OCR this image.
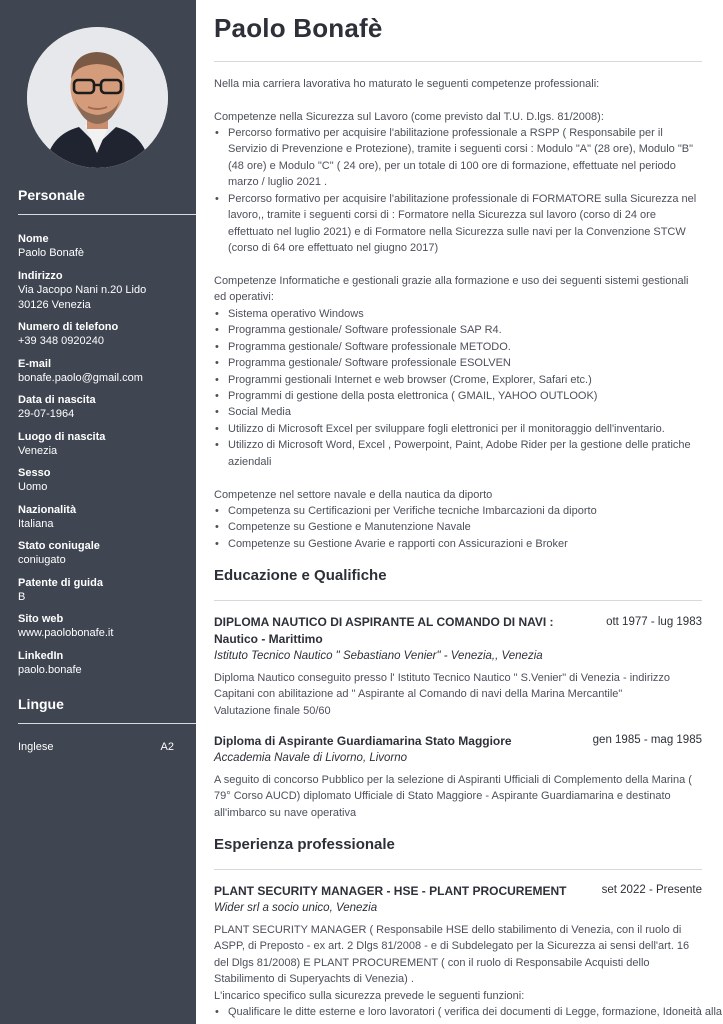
Personale
Nome
Paolo Bonafè
Indirizzo
Via Jacopo Nani n.20 Lido
30126 Venezia
Numero di telefono
+39 348 0920240
E-mail
bonafe.paolo@gmail.com
Data di nascita
29-07-1964
Luogo di nascita
Venezia
Sesso
Uomo
Nazionalità
Italiana
Stato coniugale
coniugato
Patente di guida
B
Sito web
www.paolobonafe.it
LinkedIn
paolo.bonafe
Lingue
Inglese	A2
Paolo Bonafè
Nella mia carriera lavorativa ho maturato le seguenti competenze professionali:
Competenze nella Sicurezza sul Lavoro (come previsto dal T.U. D.lgs. 81/2008):
• Percorso formativo per acquisire l'abilitazione professionale a RSPP ( Responsabile per il Servizio di Prevenzione e Protezione), tramite i seguenti corsi : Modulo "A" (28 ore), Modulo "B" (48 ore) e Modulo "C" ( 24 ore), per un totale di 100 ore di formazione, effettuate nel periodo marzo / luglio 2021 .
• Percorso formativo per acquisire l'abilitazione professionale di FORMATORE sulla Sicurezza nel lavoro,, tramite i seguenti corsi di : Formatore nella Sicurezza sul lavoro (corso di 24 ore effettuato nel luglio 2021) e di Formatore nella Sicurezza sulle navi per la Convenzione STCW (corso di 64 ore effettuato nel giugno 2017)
Competenze Informatiche e gestionali grazie alla formazione e uso dei seguenti sistemi gestionali ed operativi:
• Sistema operativo Windows
• Programma gestionale/ Software professionale SAP R4.
• Programma gestionale/ Software professionale METODO.
• Programma gestionale/ Software professionale ESOLVEN
• Programmi gestionali Internet e web browser (Crome, Explorer, Safari etc.)
• Programmi di gestione della posta elettronica ( GMAIL, YAHOO OUTLOOK)
• Social Media
• Utilizzo di Microsoft Excel per sviluppare fogli elettronici per il monitoraggio dell'inventario.
• Utilizzo di Microsoft Word, Excel , Powerpoint, Paint, Adobe Rider per la gestione delle pratiche aziendali
Competenze nel settore navale e della nautica da diporto
• Competenza su Certificazioni per Verifiche tecniche Imbarcazioni da diporto
• Competenze su Gestione e Manutenzione Navale
• Competenze su Gestione Avarie e rapporti con Assicurazioni e Broker
Educazione e Qualifiche
DIPLOMA NAUTICO DI ASPIRANTE AL COMANDO DI NAVI : Nautico - Marittimo
ott 1977 - lug 1983
Istituto Tecnico Nautico " Sebastiano Venier" - Venezia,, Venezia
Diploma Nautico conseguito presso l' Istituto Tecnico Nautico " S.Venier" di Venezia - indirizzo Capitani con abilitazione ad " Aspirante al Comando di navi della Marina Mercantile"
Valutazione finale 50/60
Diploma di Aspirante Guardiamarina Stato Maggiore	gen 1985 - mag 1985
Accademia Navale di Livorno, Livorno
A seguito di concorso Pubblico per la selezione di Aspiranti Ufficiali di Complemento della Marina ( 79° Corso AUCD) diplomato Ufficiale di Stato Maggiore - Aspirante Guardiamarina e destinato all'imbarco su nave operativa
Esperienza professionale
PLANT SECURITY MANAGER - HSE - PLANT PROCUREMENT	set 2022 - Presente
Wider srl a socio unico, Venezia
PLANT SECURITY MANAGER ( Responsabile HSE dello stabilimento di Venezia, con il ruolo di ASPP, di Preposto - ex art. 2 Dlgs 81/2008 - e di Subdelegato per la Sicurezza ai sensi dell'art. 16 del Dlgs 81/2008) E PLANT PROCUREMENT ( con il ruolo di Responsabile Acquisti dello Stabilimento di Superyachts di Venezia) .
L'incarico specifico sulla sicurezza prevede le seguenti funzioni:
• Qualificare le ditte esterne e loro lavoratori ( verifica dei documenti di Legge, formazione, Idoneità alla
